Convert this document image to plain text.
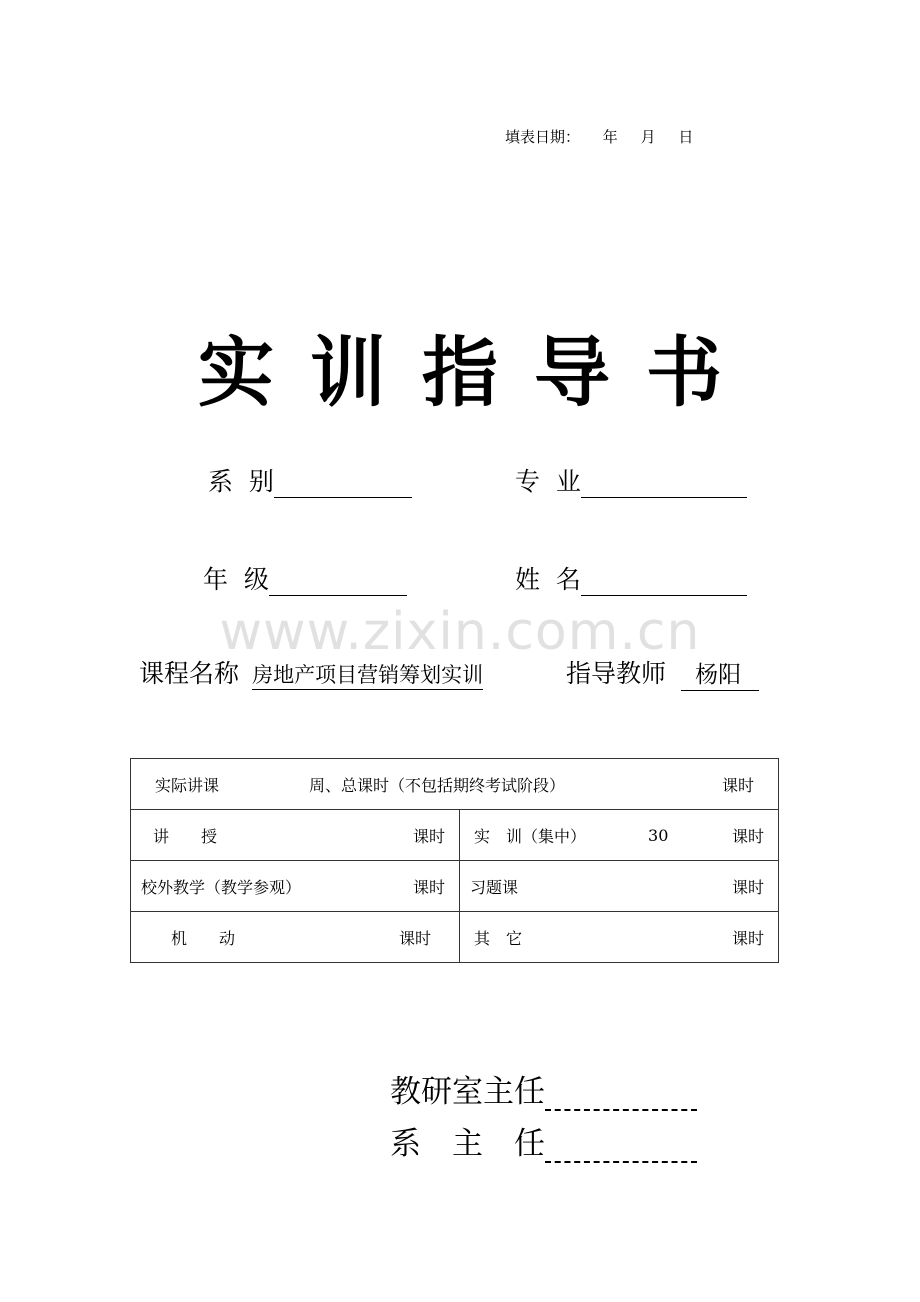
填表日期： 年 月 日
实 训 指 导 书
系  别	专  业
年  级	姓  名
www.zixin.com.cn
课程名称 房地产项目营销筹划实训	指导教师 杨阳
实际讲课 周、总课时（不包括期终考试阶段） 课时	

讲　　授 课时	实　训（集中） 30 课时

校外教学（教学参观） 课时	习题课 课时

机　　动 课时	其　它 课时
教研室主任
系　主　任
